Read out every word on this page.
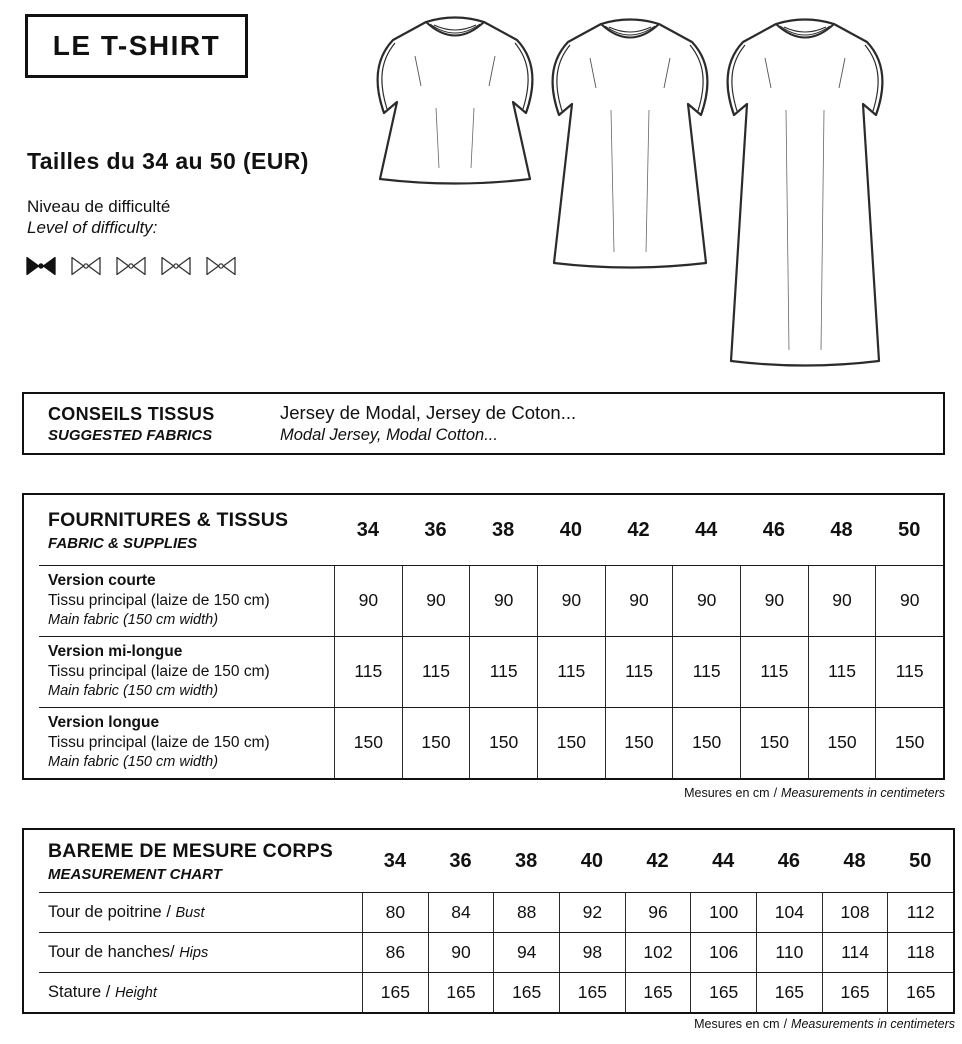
LE T-SHIRT
Tailles du 34 au 50 (EUR)
Niveau de difficulté
Level of difficulty:
CONSEILS TISSUS
SUGGESTED FABRICS
Jersey de Modal, Jersey de Coton...
Modal Jersey, Modal Cotton...
FOURNITURES & TISSUS
FABRIC & SUPPLIES
34	36	38	40	42	44	46	48	50
Version courte
Tissu principal (laize de 150 cm)
Main fabric (150 cm width)
90	90	90	90	90	90	90	90	90
Version mi-longue
Tissu principal (laize de 150 cm)
Main fabric (150 cm width)
115	115	115	115	115	115	115	115	115
Version longue
Tissu principal (laize de 150 cm)
Main fabric (150 cm width)
150	150	150	150	150	150	150	150	150
Mesures en cm / Measurements in centimeters
BAREME DE MESURE CORPS
MEASUREMENT CHART
34	36	38	40	42	44	46	48	50
Tour de poitrine / Bust	80	84	88	92	96	100	104	108	112
Tour de hanches/ Hips	86	90	94	98	102	106	110	114	118
Stature / Height	165	165	165	165	165	165	165	165	165
Mesures en cm / Measurements in centimeters
